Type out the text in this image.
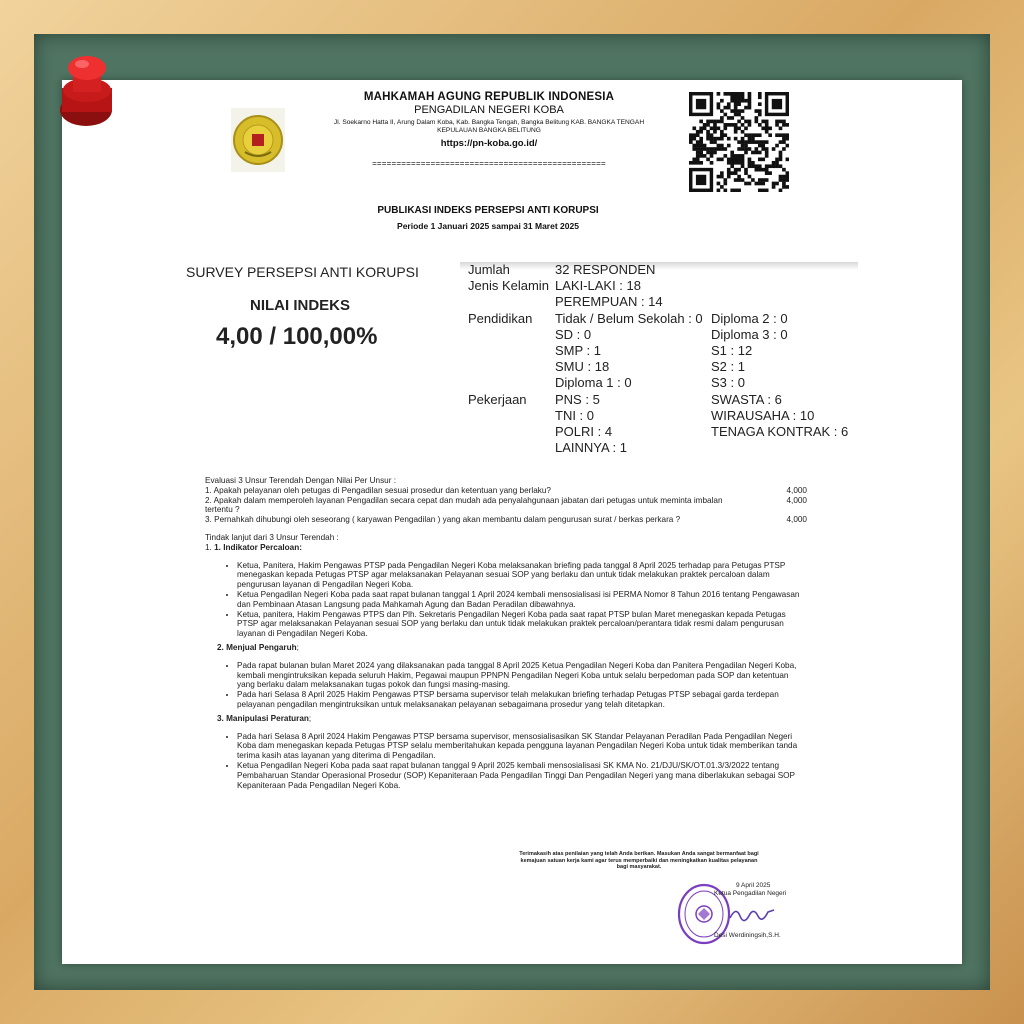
MAHKAMAH AGUNG REPUBLIK INDONESIA
PENGADILAN NEGERI KOBA
Jl. Soekarno Hatta II, Arung Dalam Koba, Kab. Bangka Tengah, Bangka Belitung KAB. BANGKA TENGAH
KEPULAUAN BANGKA BELITUNG
https://pn-koba.go.id/
================================================
PUBLIKASI INDEKS PERSEPSI ANTI KORUPSI
Periode 1 Januari 2025 sampai 31 Maret 2025
SURVEY PERSEPSI ANTI KORUPSI
NILAI INDEKS
4,00 / 100,00%
Jumlah	32 RESPONDEN
Jenis Kelamin LAKI-LAKI : 18
PEREMPUAN : 14
Pendidikan Tidak / Belum Sekolah : 0 Diploma 2 : 0
SD : 0	Diploma 3 : 0
SMP : 1	S1 : 12
SMU : 18	S2 : 1
Diploma 1 : 0	S3 : 0
Pekerjaan PNS : 5	SWASTA : 6
TNI : 0	WIRAUSAHA : 10
POLRI : 4	TENAGA KONTRAK : 6
LAINNYA : 1
Evaluasi 3 Unsur Terendah Dengan Nilai Per Unsur :
1. Apakah pelayanan oleh petugas di Pengadilan sesuai prosedur dan ketentuan yang berlaku?	4,000
2. Apakah dalam memperoleh layanan Pengadilan secara cepat dan mudah ada penyalahgunaan jabatan dari petugas untuk meminta imbalan tertentu ?
4,000
3. Pernahkah dihubungi oleh seseorang ( karyawan Pengadilan ) yang akan membantu dalam pengurusan surat / berkas perkara ?	4,000
Tindak lanjut dari 3 Unsur Terendah :
1. 1. Indikator Percaloan:
• Ketua, Panitera, Hakim Pengawas PTSP pada Pengadilan Negeri Koba melaksanakan briefing pada tanggal 8 April 2025 terhadap para Petugas PTSP menegaskan kepada Petugas PTSP agar melaksanakan Pelayanan sesuai SOP yang berlaku dan untuk tidak melakukan praktek percaloan dalam pengurusan layanan di Pengadilan Negeri Koba.
• Ketua Pengadilan Negeri Koba pada saat rapat bulanan tanggal 1 April 2024 kembali mensosialisasi isi PERMA Nomor 8 Tahun 2016 tentang Pengawasan dan Pembinaan Atasan Langsung pada Mahkamah Agung dan Badan Peradilan dibawahnya.
• Ketua, panitera, Hakim Pengawas PTPS dan Plh. Sekretaris Pengadilan Negeri Koba pada saat rapat PTSP bulan Maret menegaskan kepada Petugas PTSP agar melaksanakan Pelayanan sesuai SOP yang berlaku dan untuk tidak melakukan praktek percaloan/perantara tidak resmi dalam pengurusan layanan di Pengadilan Negeri Koba.
2. Menjual Pengaruh;
• Pada rapat bulanan bulan Maret 2024 yang dilaksanakan pada tanggal 8 April 2025 Ketua Pengadilan Negeri Koba dan Panitera Pengadilan Negeri Koba, kembali mengintruksikan kepada seluruh Hakim, Pegawai maupun PPNPN Pengadilan Negeri Koba untuk selalu berpedoman pada SOP dan ketentuan yang berlaku dalam melaksanakan tugas pokok dan fungsi masing-masing.
• Pada hari Selasa 8 April 2025 Hakim Pengawas PTSP bersama supervisor telah melakukan briefing terhadap Petugas PTSP sebagai garda terdepan pelayanan pengadilan mengintruksikan untuk melaksanakan pelayanan sebagaimana prosedur yang telah ditetapkan.
3. Manipulasi Peraturan;
• Pada hari Selasa 8 April 2024 Hakim Pengawas PTSP bersama supervisor, mensosialisasikan SK Standar Pelayanan Peradilan Pada Pengadilan Negeri Koba dam menegaskan kepada Petugas PTSP selalu memberitahukan kepada pengguna layanan Pengadilan Negeri Koba untuk tidak memberikan tanda terima kasih atas layanan yang diterima di Pengadilan.
• Ketua Pengadilan Negeri Koba pada saat rapat bulanan tanggal 9 April 2025 kembali mensosialisasi SK KMA No. 21/DJU/SK/OT.01.3/3/2022 tentang Pembaharuan Standar Operasional Prosedur (SOP) Kepaniteraan Pada Pengadilan Tinggi Dan Pengadilan Negeri yang mana diberlakukan sebagai SOP Kepaniteraan Pada Pengadilan Negeri Koba.
Terimakasih atas penilaian yang telah Anda berikan. Masukan Anda sangat bermanfaat bagi kemajuan satuan kerja kami agar terus memperbaiki dan meningkatkan kualitas pelayanan bagi masyarakat.
9 April 2025
Ketua Pengadilan Negeri
Desi Werdiningsih,S.H.
